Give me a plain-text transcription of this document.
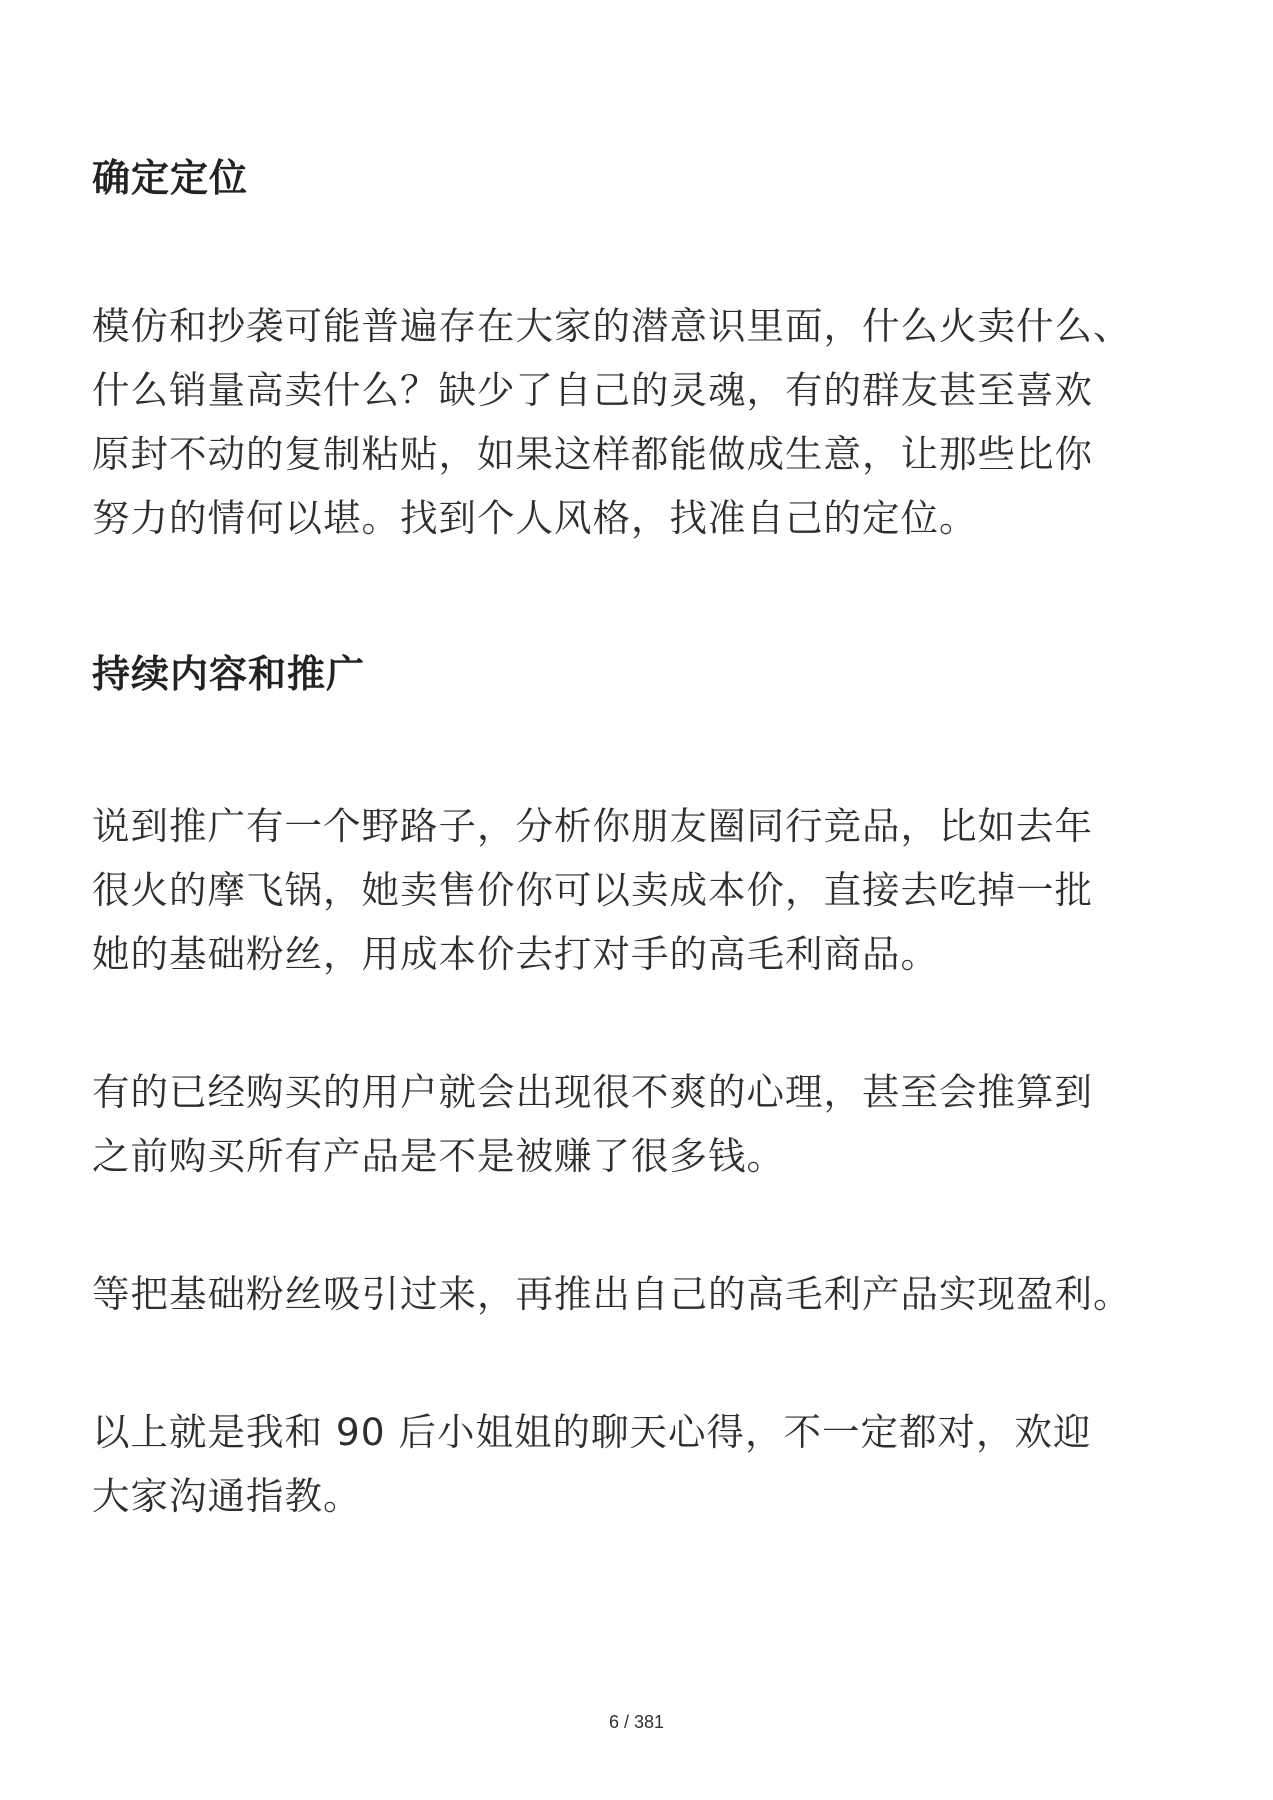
确定定位

模仿和抄袭可能普遍存在大家的潜意识里面，什么火卖什么、
什么销量高卖什么？缺少了自己的灵魂，有的群友甚至喜欢
原封不动的复制粘贴，如果这样都能做成生意，让那些比你
努力的情何以堪。找到个人风格，找准自己的定位。

持续内容和推广

说到推广有一个野路子，分析你朋友圈同行竞品，比如去年
很火的摩飞锅，她卖售价你可以卖成本价，直接去吃掉一批
她的基础粉丝，用成本价去打对手的高毛利商品。

有的已经购买的用户就会出现很不爽的心理，甚至会推算到
之前购买所有产品是不是被赚了很多钱。

等把基础粉丝吸引过来，再推出自己的高毛利产品实现盈利。

以上就是我和 90 后小姐姐的聊天心得，不一定都对，欢迎
大家沟通指教。

6 / 381
